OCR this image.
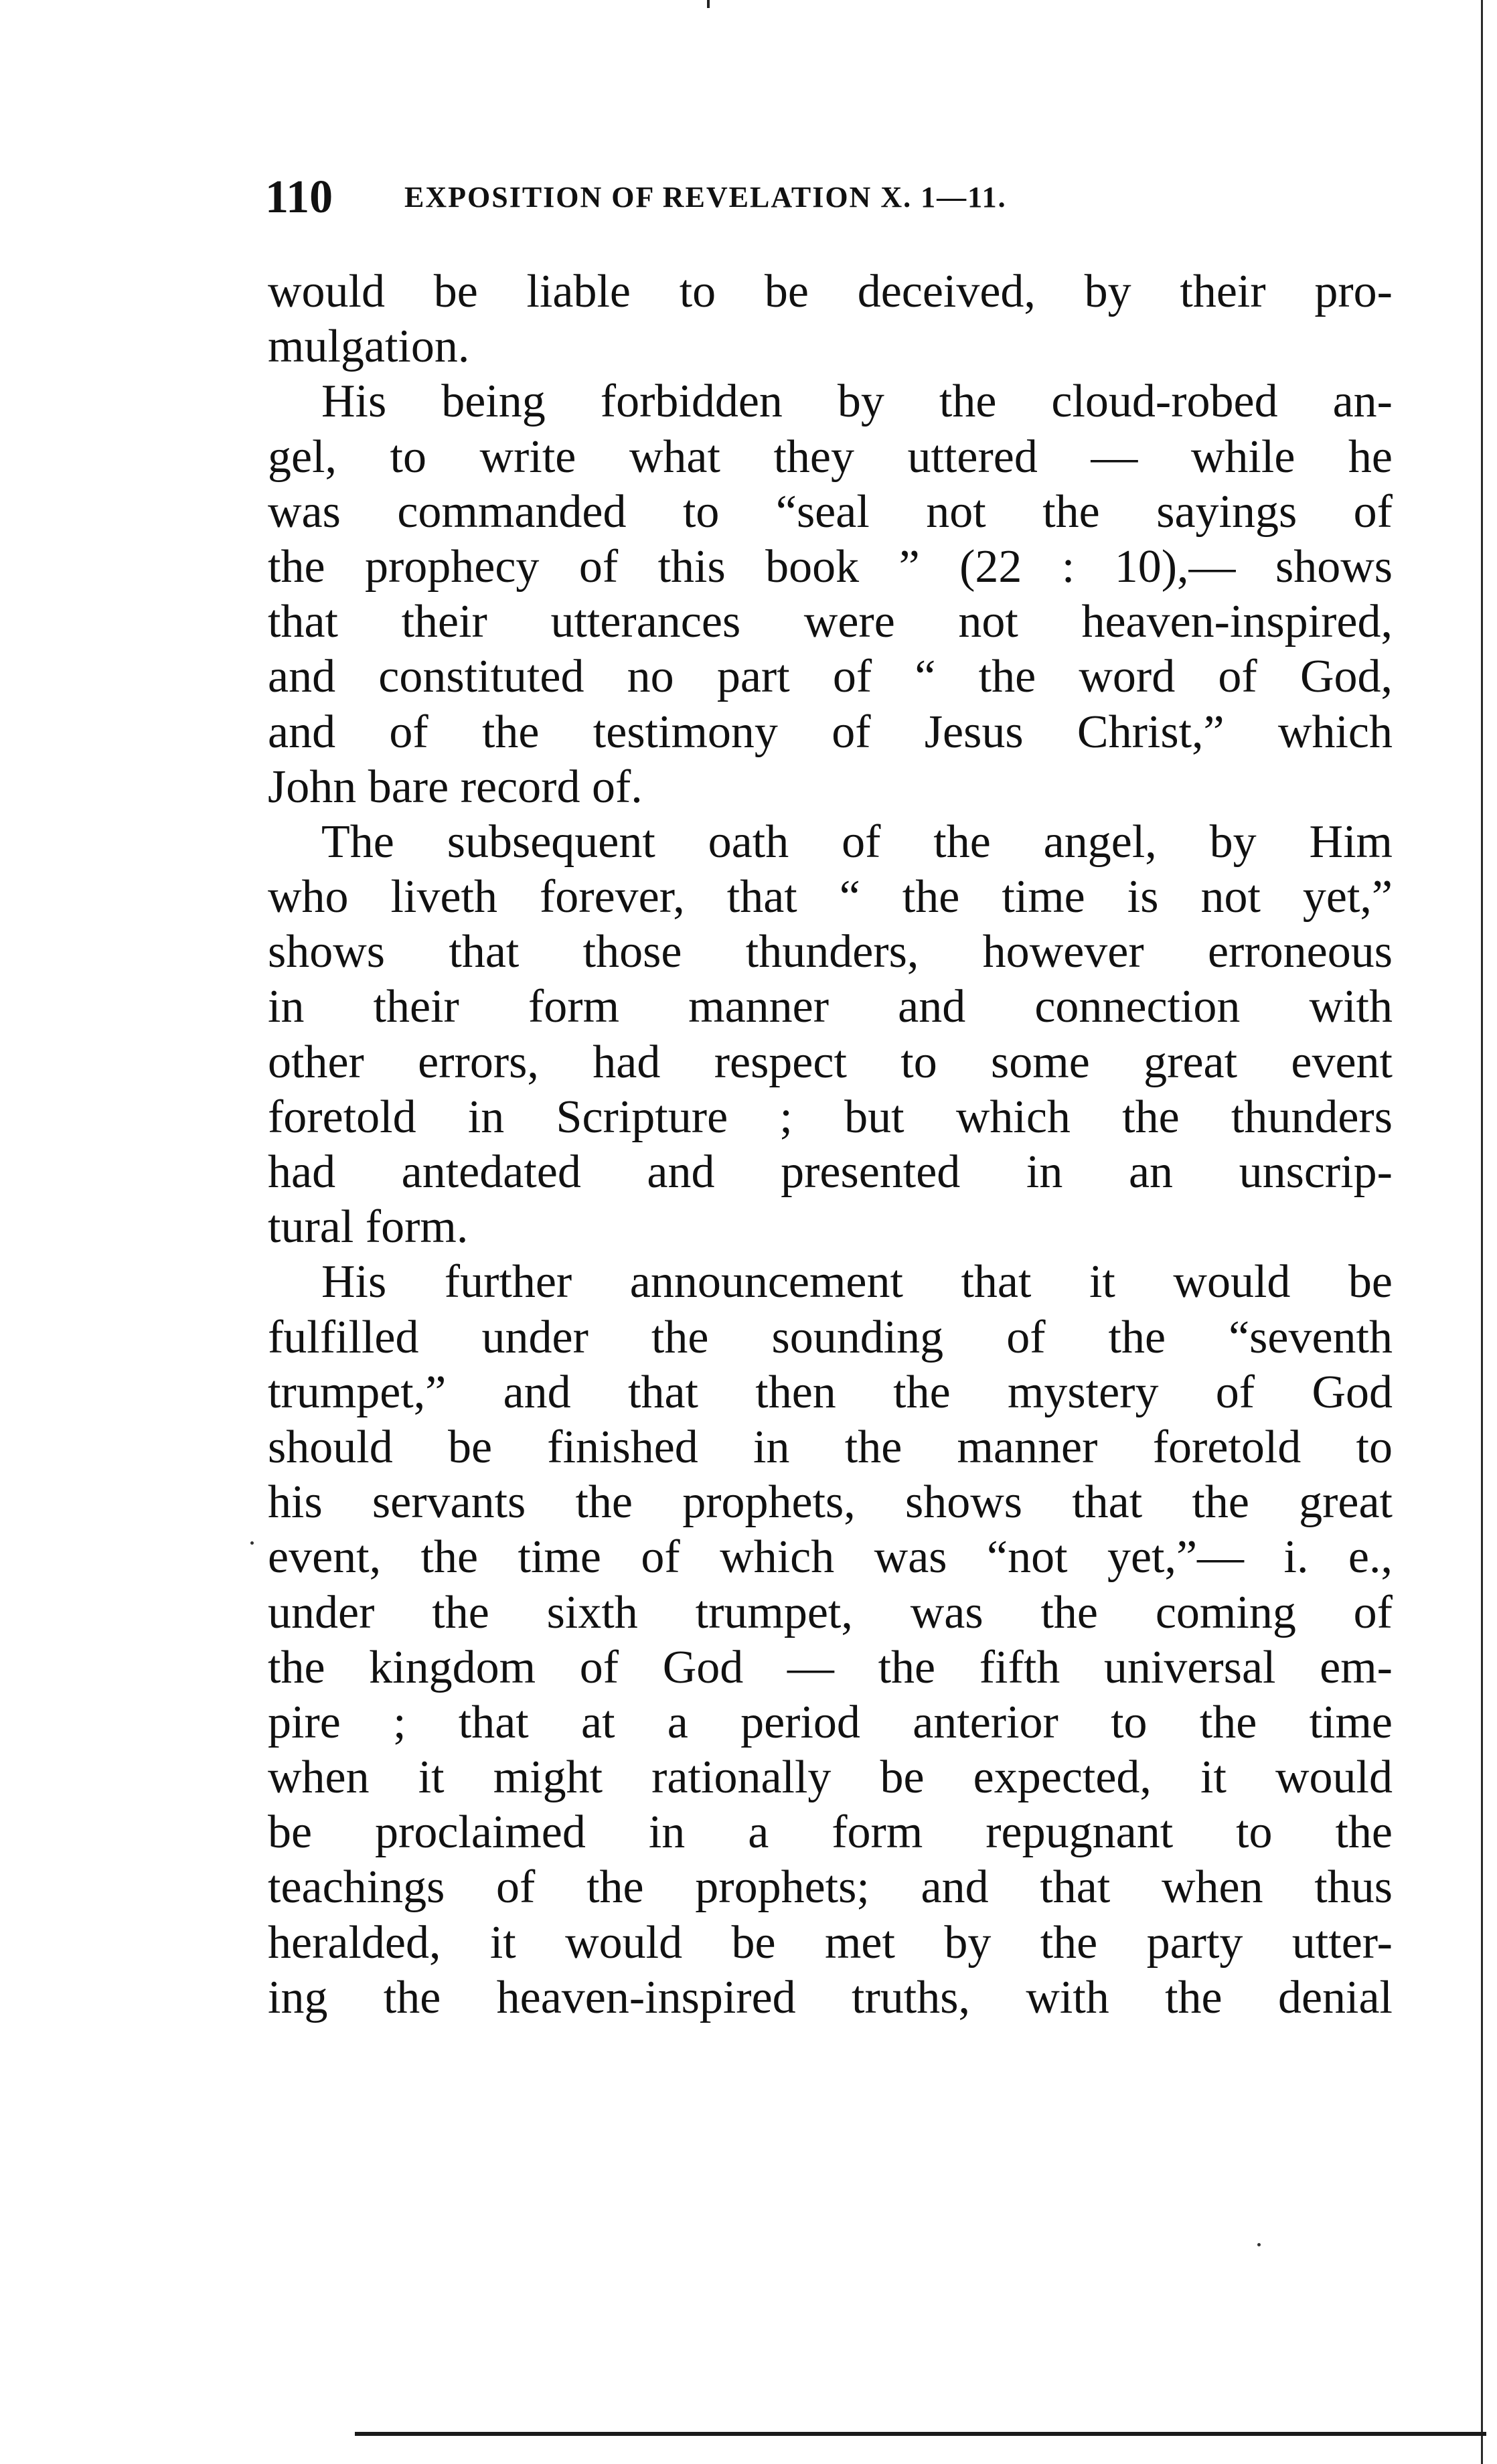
110 EXPOSITION OF REVELATION X. 1—11.
would be liable to be deceived, by their pro-
mulgation.
His being forbidden by the cloud-robed an-
gel, to write what they uttered — while he
was commanded to “seal not the sayings of
the prophecy of this book ” (22 : 10),— shows
that their utterances were not heaven-inspired,
and constituted no part of “ the word of God,
and of the testimony of Jesus Christ,” which
John bare record of.
The subsequent oath of the angel, by Him
who liveth forever, that “ the time is not yet,”
shows that those thunders, however erroneous
in their form manner and connection with
other errors, had respect to some great event
foretold in Scripture ; but which the thunders
had antedated and presented in an unscrip-
tural form.
His further announcement that it would be
fulfilled under the sounding of the “seventh
trumpet,” and that then the mystery of God
should be finished in the manner foretold to
his servants the prophets, shows that the great
event, the time of which was “not yet,”— i. e.,
under the sixth trumpet, was the coming of
the kingdom of God — the fifth universal em-
pire ; that at a period anterior to the time
when it might rationally be expected, it would
be proclaimed in a form repugnant to the
teachings of the prophets; and that when thus
heralded, it would be met by the party utter-
ing the heaven-inspired truths, with the denial
